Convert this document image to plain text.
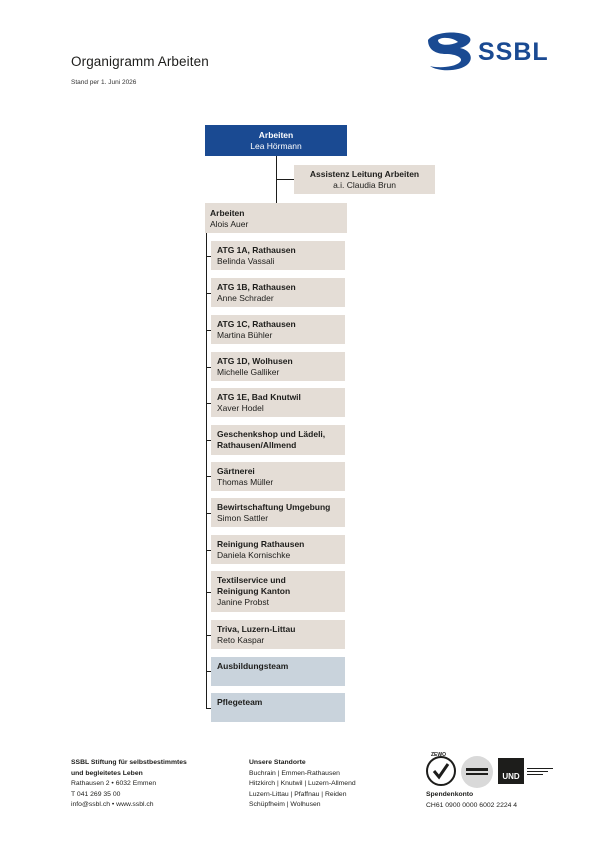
Organigramm Arbeiten
Stand per 1. Juni 2026
SSBL
Arbeiten
Lea Hörmann
Assistenz Leitung Arbeiten
a.i. Claudia Brun
Arbeiten
Alois Auer
ATG 1A, Rathausen
Belinda Vassali
ATG 1B, Rathausen
Anne Schrader
ATG 1C, Rathausen
Martina Bühler
ATG 1D, Wolhusen
Michelle Galliker
ATG 1E, Bad Knutwil
Xaver Hodel
Geschenkshop und Lädeli,
Rathausen/Allmend
Gärtnerei
Thomas Müller
Bewirtschaftung Umgebung
Simon Sattler
Reinigung Rathausen
Daniela Kornischke
Textilservice und
Reinigung Kanton
Janine Probst
Triva, Luzern-Littau
Reto Kaspar
Ausbildungsteam
Pflegeteam
SSBL Stiftung für selbstbestimmtes
und begleitetes Leben
Rathausen 2 • 6032 Emmen
T 041 269 35 00
info@ssbl.ch • www.ssbl.ch
Unsere Standorte
Buchrain | Emmen-Rathausen
Hitzkirch | Knutwil | Luzern-Allmend
Luzern-Littau | Pfaffnau | Reiden
Schüpfheim | Wolhusen
ZEWO
UND
Spendenkonto
CH61 0900 0000 6002 2224 4
